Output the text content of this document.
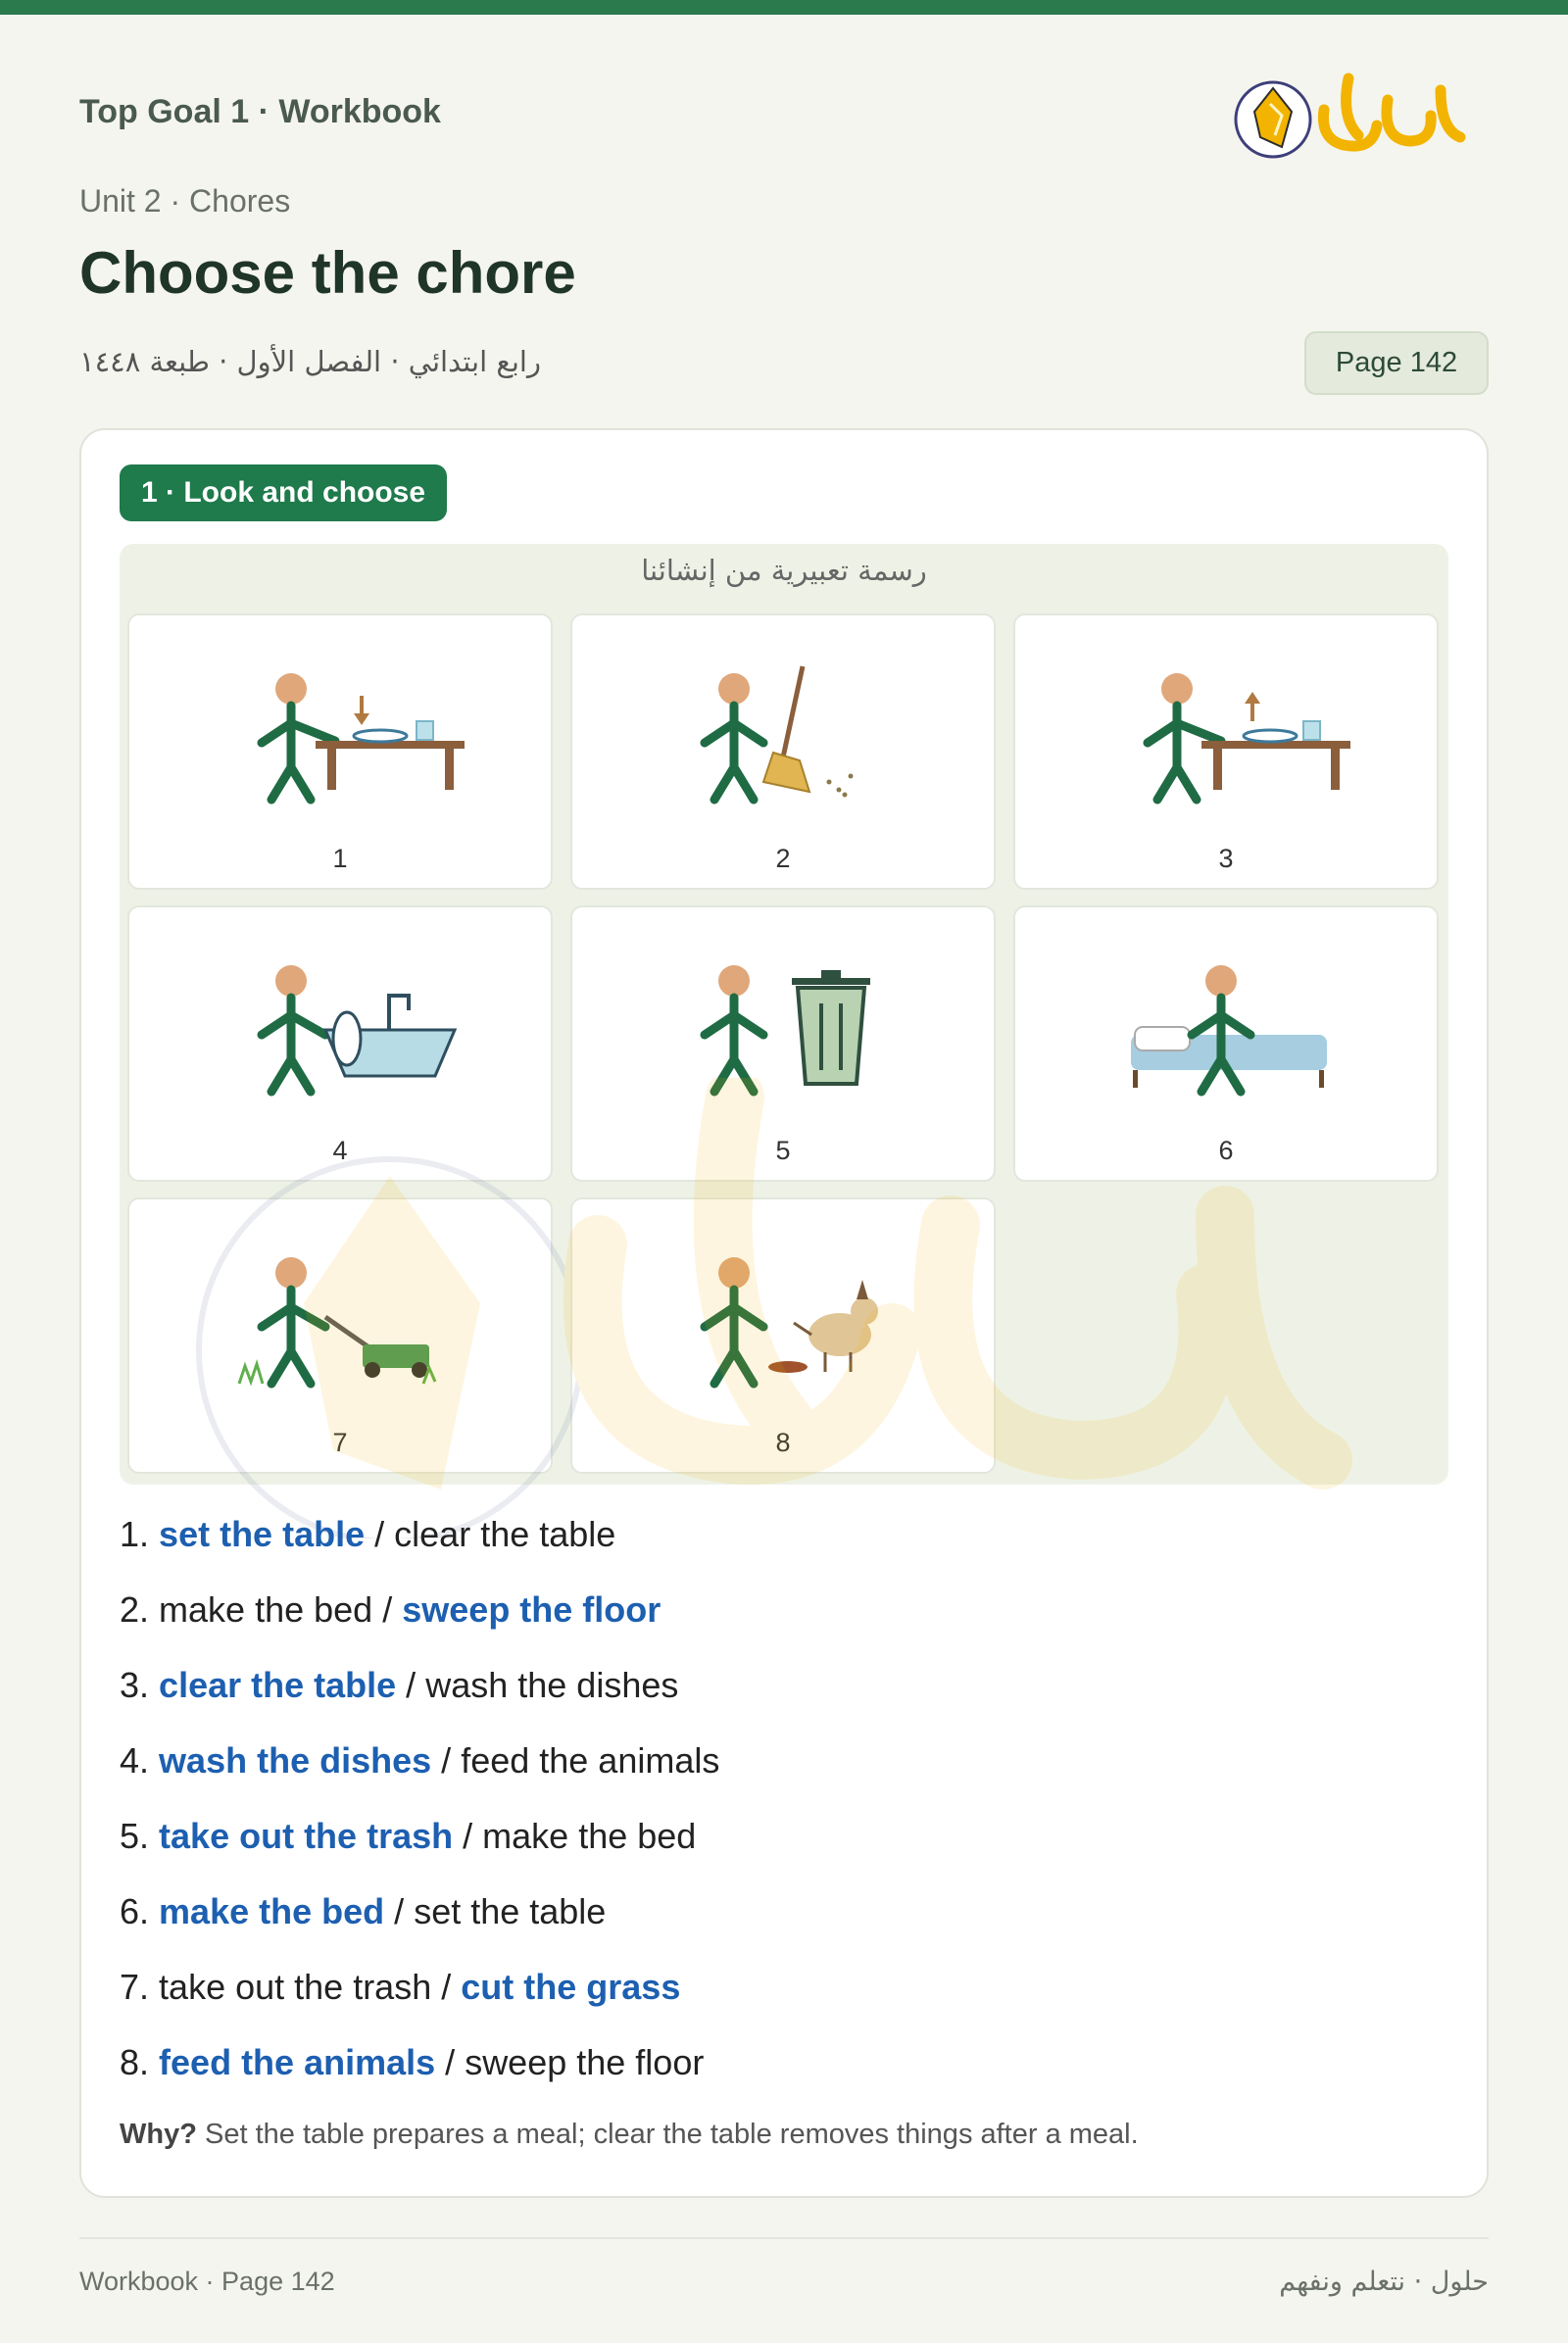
Top Goal 1 · Workbook
Unit 2 · Chores
Choose the chore
رابع ابتدائي · الفصل الأول · طبعة ١٤٤٨	Page 142
1 · Look and choose
رسمة تعبيرية من إنشائنا
1	2	3
4	5	6
7	8
1. set the table / clear the table
2. make the bed / sweep the floor
3. clear the table / wash the dishes
4. wash the dishes / feed the animals
5. take out the trash / make the bed
6. make the bed / set the table
7. take out the trash / cut the grass
8. feed the animals / sweep the floor
Why? Set the table prepares a meal; clear the table removes things after a meal.
Workbook · Page 142	حلول · نتعلم ونفهم
